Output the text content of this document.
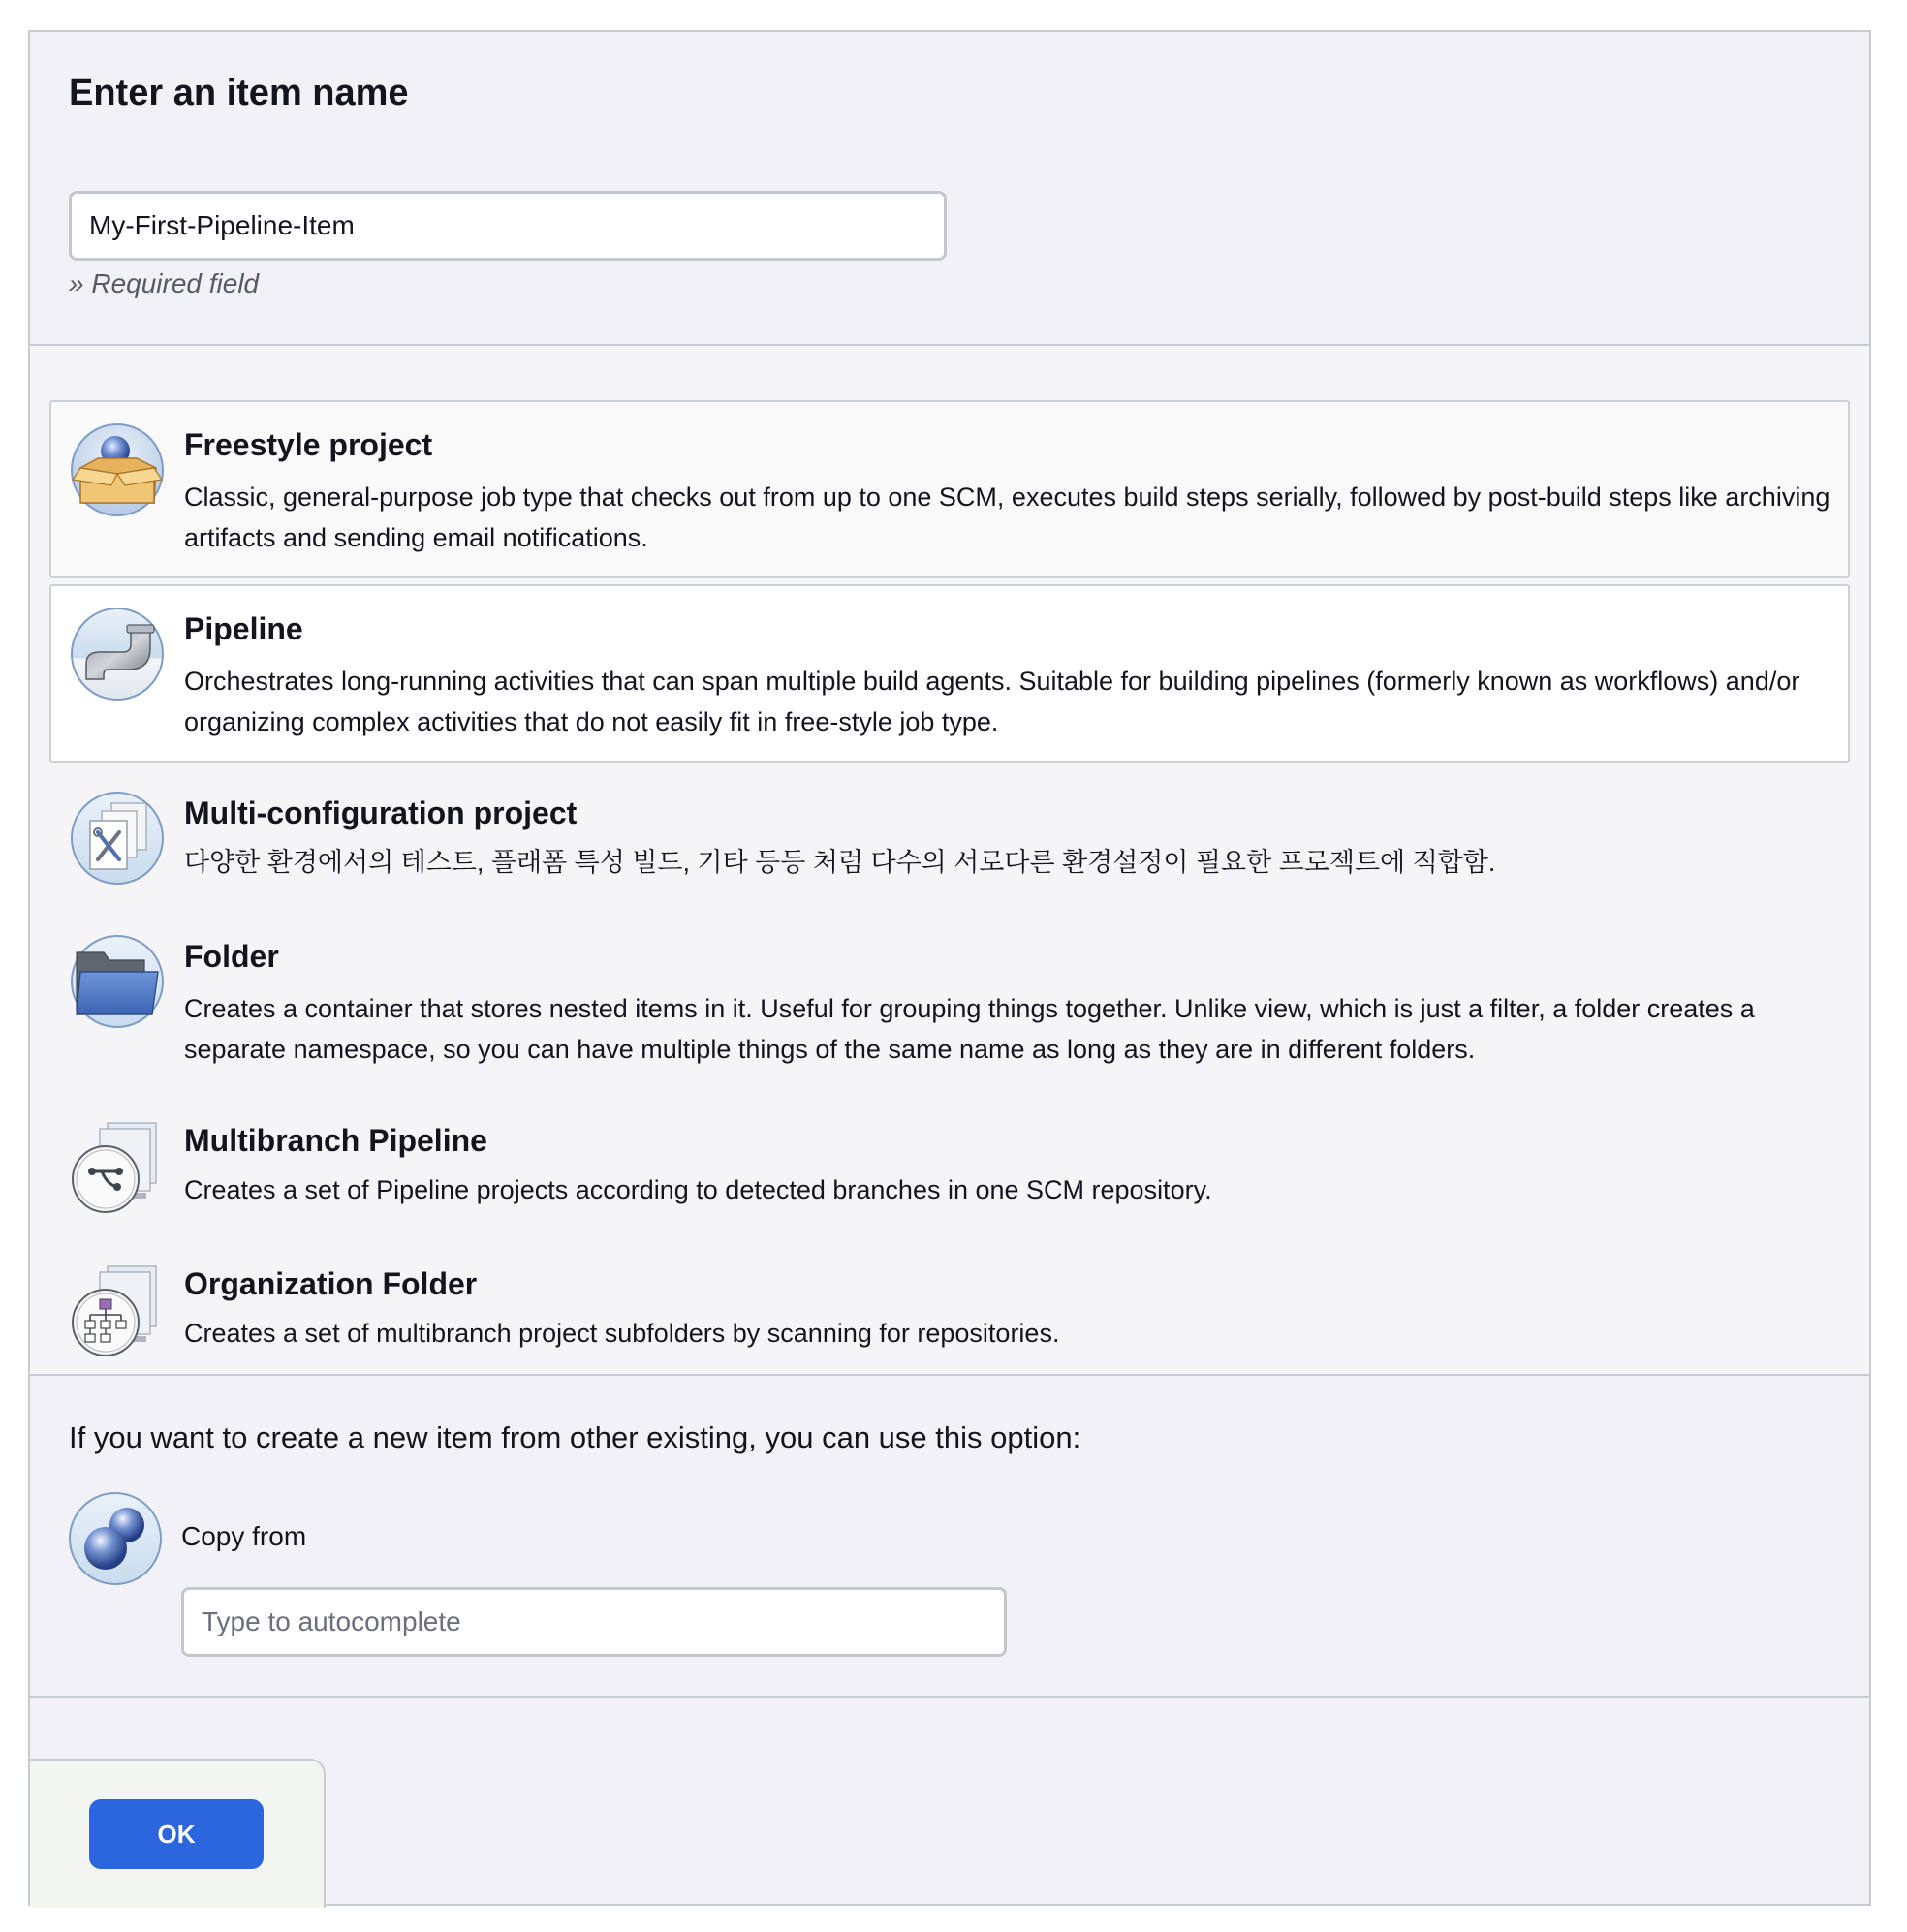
Enter an item name
My-First-Pipeline-Item
» Required field
Freestyle project
Classic, general-purpose job type that checks out from up to one SCM, executes build steps serially, followed by post-build steps like archiving artifacts and sending email notifications.
Pipeline
Orchestrates long-running activities that can span multiple build agents. Suitable for building pipelines (formerly known as workflows) and/or organizing complex activities that do not easily fit in free-style job type.
Multi-configuration project
다양한 환경에서의 테스트, 플래폼 특성 빌드, 기타 등등 처럼 다수의 서로다른 환경설정이 필요한 프로젝트에 적합함.
Folder
Creates a container that stores nested items in it. Useful for grouping things together. Unlike view, which is just a filter, a folder creates a separate namespace, so you can have multiple things of the same name as long as they are in different folders.
Multibranch Pipeline
Creates a set of Pipeline projects according to detected branches in one SCM repository.
Organization Folder
Creates a set of multibranch project subfolders by scanning for repositories.
If you want to create a new item from other existing, you can use this option:
Copy from
Type to autocomplete
OK
